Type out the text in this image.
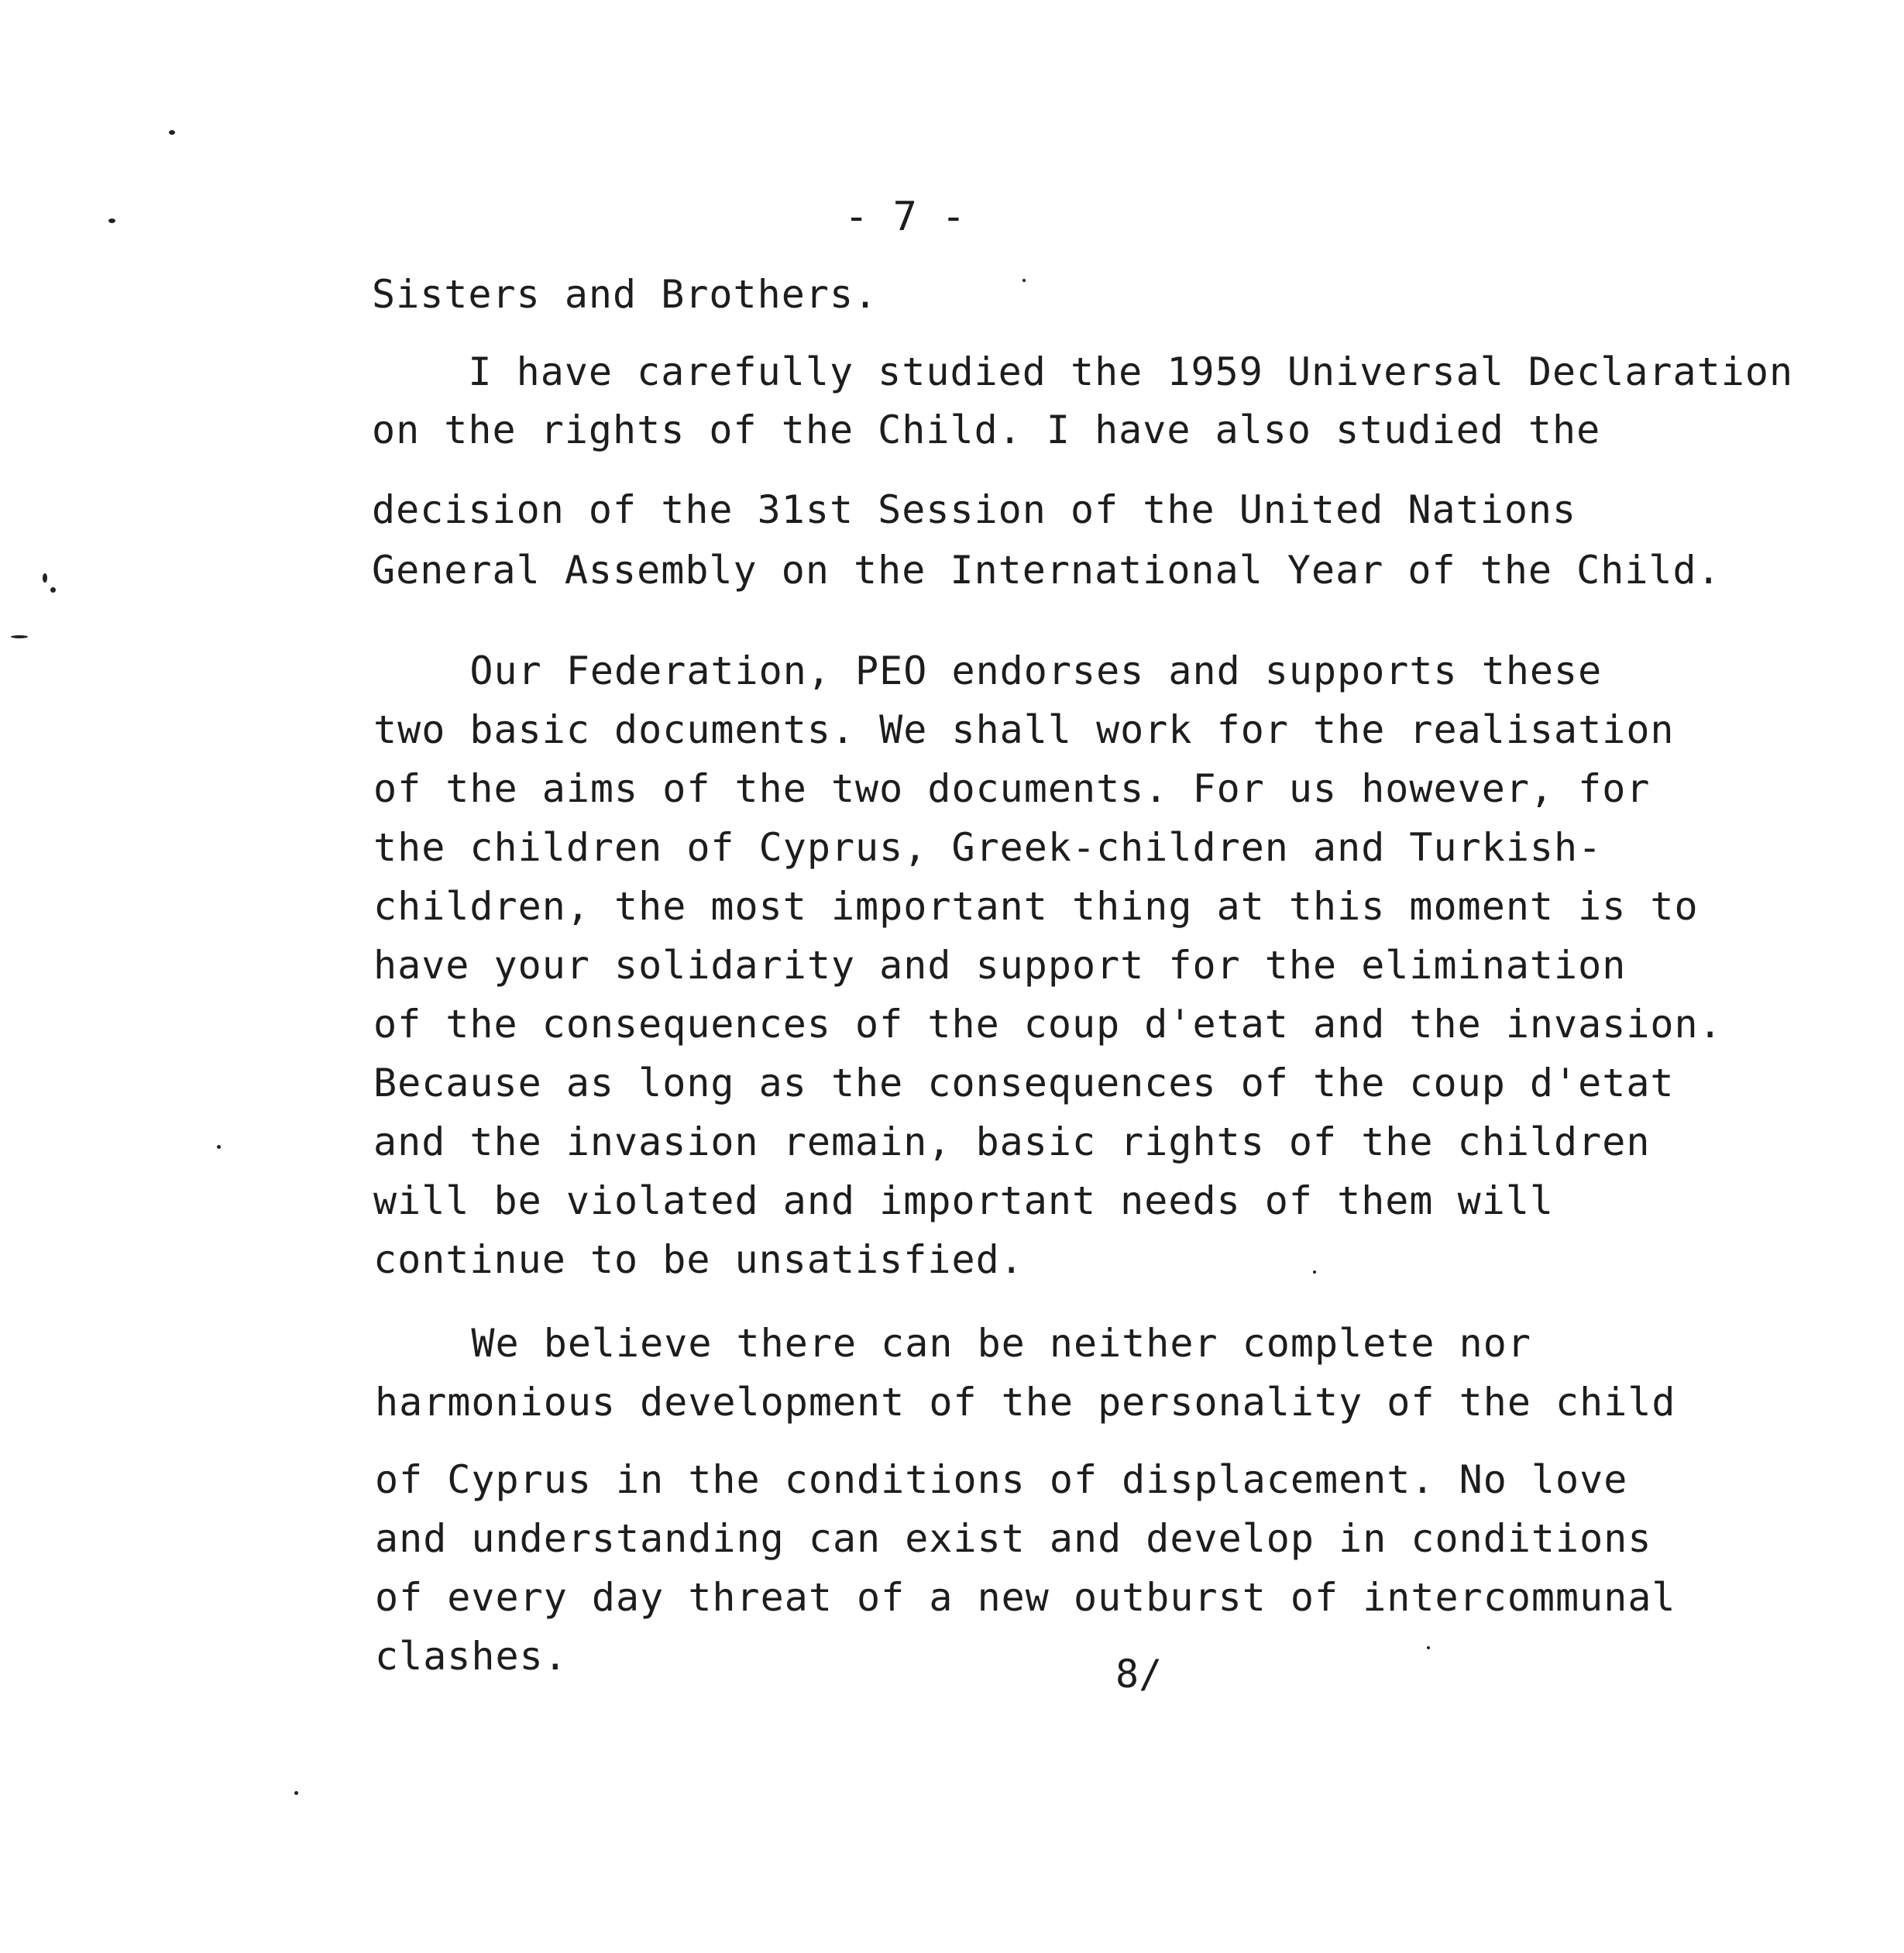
- 7 -
Sisters and Brothers.
I have carefully studied the 1959 Universal Declaration
on the rights of the Child. I have also studied the
decision of the 31st Session of the United Nations
General Assembly on the International Year of the Child.
Our Federation, PEO endorses and supports these
two basic documents. We shall work for the realisation
of the aims of the two documents. For us however, for
the children of Cyprus, Greek-children and Turkish-
children, the most important thing at this moment is to
have your solidarity and support for the elimination
of the consequences of the coup d'etat and the invasion.
Because as long as the consequences of the coup d'etat
and the invasion remain, basic rights of the children
will be violated and important needs of them will
continue to be unsatisfied.
We believe there can be neither complete nor
harmonious development of the personality of the child
of Cyprus in the conditions of displacement. No love
and understanding can exist and develop in conditions
of every day threat of a new outburst of intercommunal
clashes.	8/
